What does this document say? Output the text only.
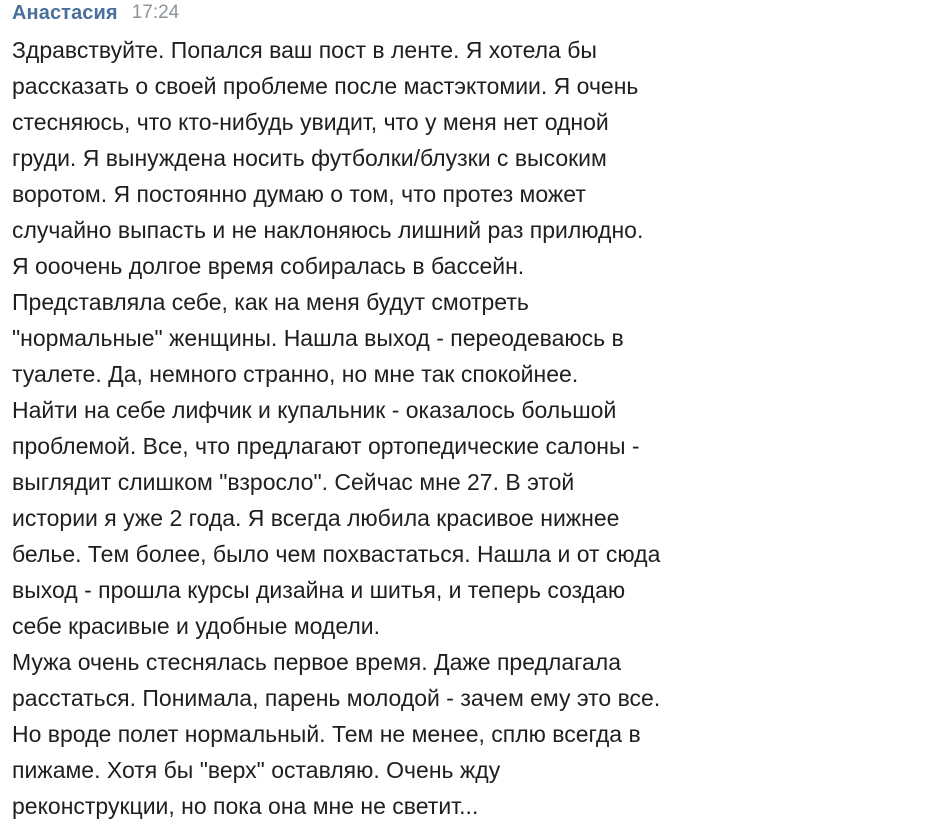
Анастасия 17:24
Здравствуйте. Попался ваш пост в ленте. Я хотела бы
рассказать о своей проблеме после мастэктомии. Я очень
стесняюсь, что кто-нибудь увидит, что у меня нет одной
груди. Я вынуждена носить футболки/блузки с высоким
воротом. Я постоянно думаю о том, что протез может
случайно выпасть и не наклоняюсь лишний раз прилюдно.
Я ооочень долгое время собиралась в бассейн.
Представляла себе, как на меня будут смотреть
"нормальные" женщины. Нашла выход - переодеваюсь в
туалете. Да, немного странно, но мне так спокойнее.
Найти на себе лифчик и купальник - оказалось большой
проблемой. Все, что предлагают ортопедические салоны -
выглядит слишком "взросло". Сейчас мне 27. В этой
истории я уже 2 года. Я всегда любила красивое нижнее
белье. Тем более, было чем похвастаться. Нашла и от сюда
выход - прошла курсы дизайна и шитья, и теперь создаю
себе красивые и удобные модели.
Мужа очень стеснялась первое время. Даже предлагала
расстаться. Понимала, парень молодой - зачем ему это все.
Но вроде полет нормальный. Тем не менее, сплю всегда в
пижаме. Хотя бы "верх" оставляю. Очень жду
реконструкции, но пока она мне не светит...
